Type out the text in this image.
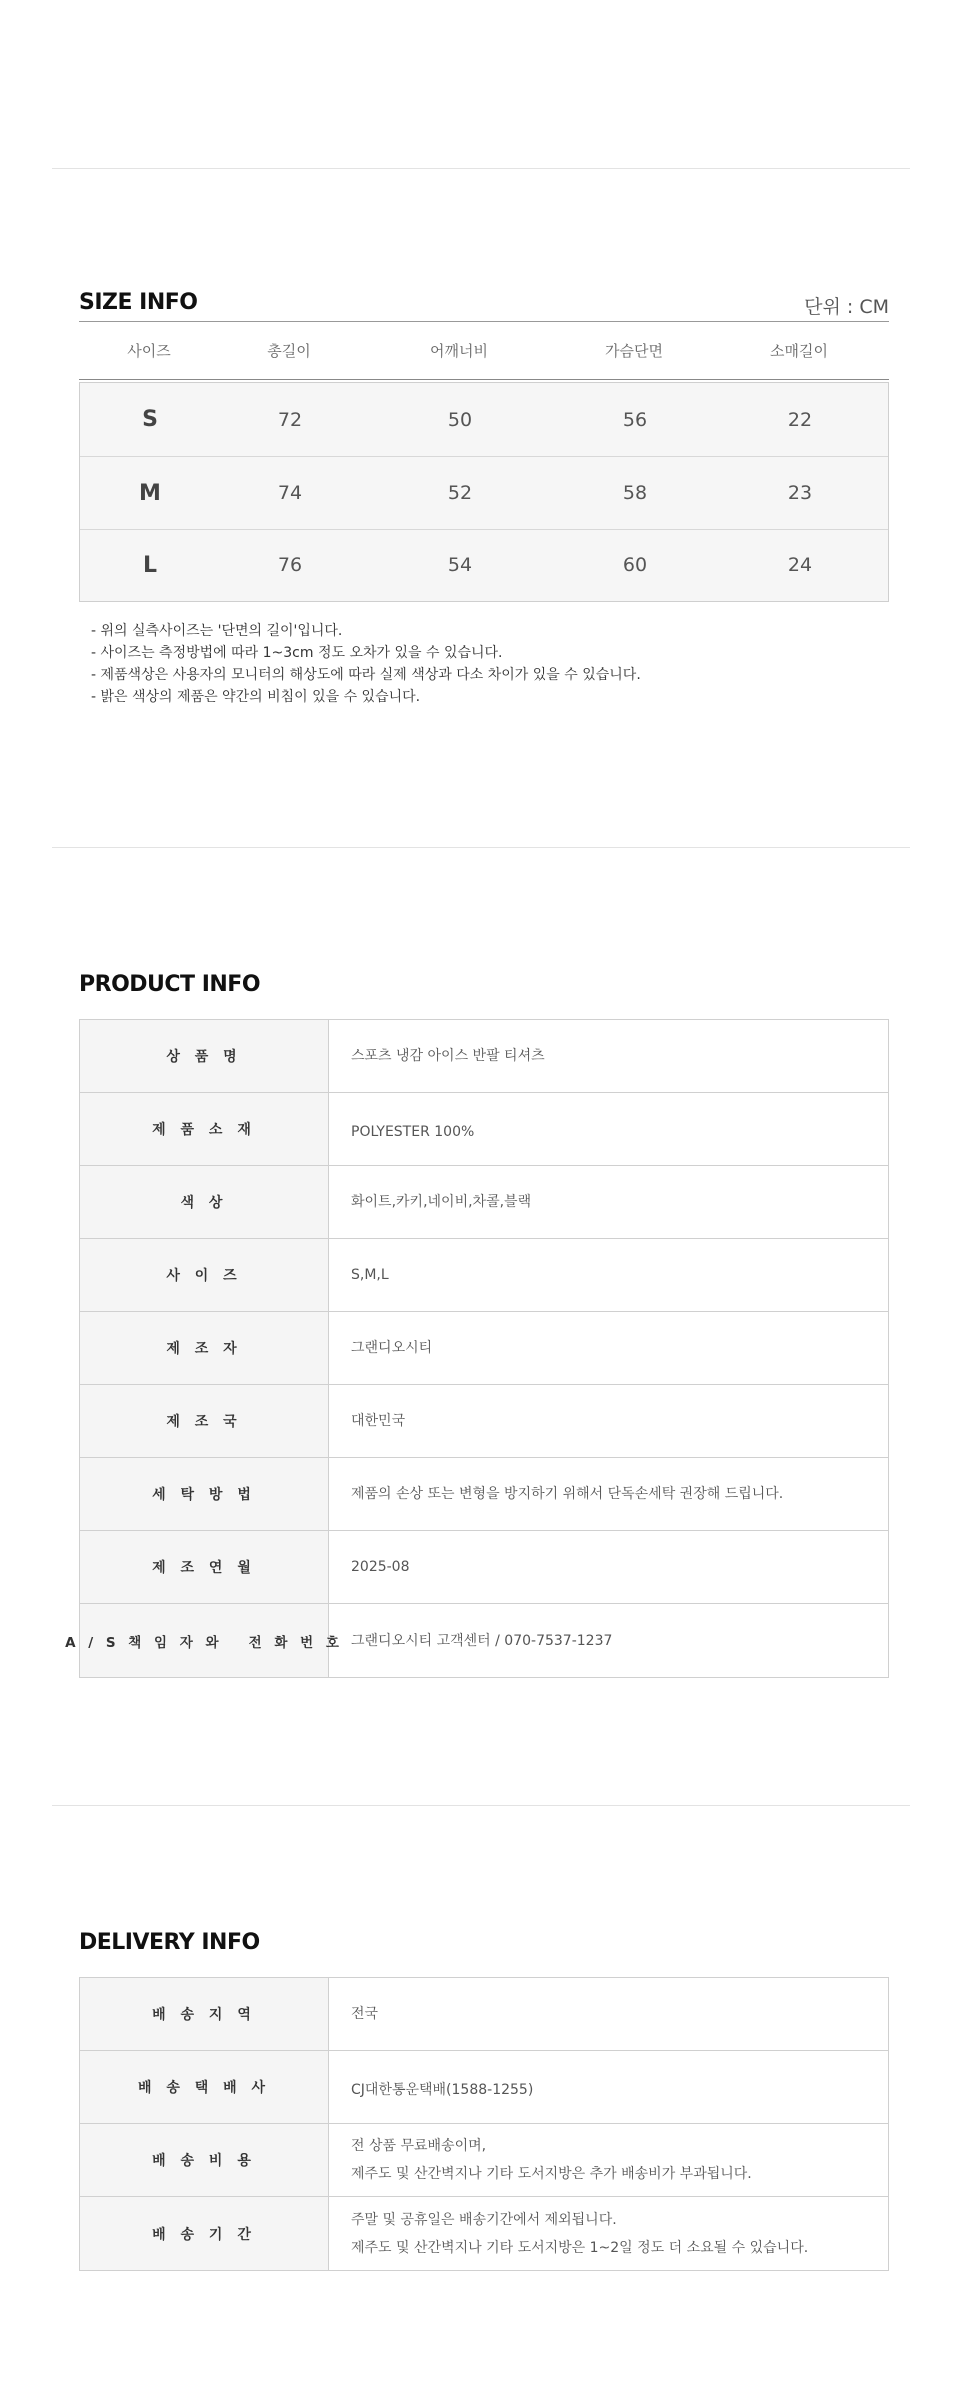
SIZE INFO	단위 : CM
사이즈	총길이	어깨너비	가슴단면	소매길이
S	72	50	56	22
M	74	52	58	23
L	76	54	60	24
- 위의 실측사이즈는 '단면의 길이'입니다.
- 사이즈는 측정방법에 따라 1~3cm 정도 오차가 있을 수 있습니다.
- 제품색상은 사용자의 모니터의 해상도에 따라 실제 색상과 다소 차이가 있을 수 있습니다.
- 밝은 색상의 제품은 약간의 비침이 있을 수 있습니다.
PRODUCT INFO
상 품 명	스포츠 냉감 아이스 반팔 티셔츠
제 품 소 재	POLYESTER 100%
색 상	화이트,카키,네이비,차콜,블랙
사 이 즈	S,M,L
제 조 자	그랜디오시티
제 조 국	대한민국
세 탁 방 법	제품의 손상 또는 변형을 방지하기 위해서 단독손세탁 권장해 드립니다.
제 조 연 월	2025-08
A / S 책 임 자 와   전 화 번 호 그랜디오시티 고객센터 / 070-7537-1237
DELIVERY INFO
배 송 지 역	전국
배 송 택 배 사	CJ대한통운택배(1588-1255)
배 송 비 용
전 상품 무료배송이며,
제주도 및 산간벽지나 기타 도서지방은 추가 배송비가 부과됩니다.
배 송 기 간
주말 및 공휴일은 배송기간에서 제외됩니다.
제주도 및 산간벽지나 기타 도서지방은 1~2일 정도 더 소요될 수 있습니다.
